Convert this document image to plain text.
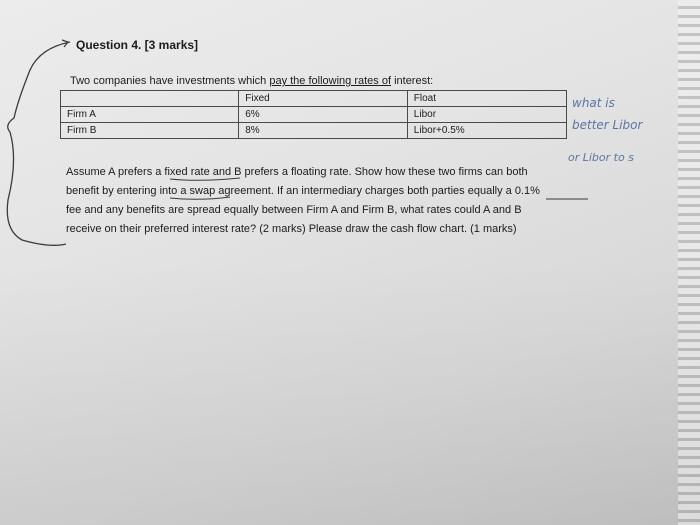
Question 4. [3 marks]
Two companies have investments which pay the following rates of interest:
	Fixed	Float
Firm A	6%	Libor
Firm B	8%	Libor+0.5%

Assume A prefers a fixed rate and B prefers a floating rate. Show how these two firms can both

benefit by entering into a swap agreement. If an intermediary charges both parties equally a 0.1%

fee and any benefits are spread equally between Firm A and Firm B, what rates could A and B

receive on their preferred interest rate? (2 marks) Please draw the cash flow chart. (1 marks)

what is
better Libor
or Libor to s
